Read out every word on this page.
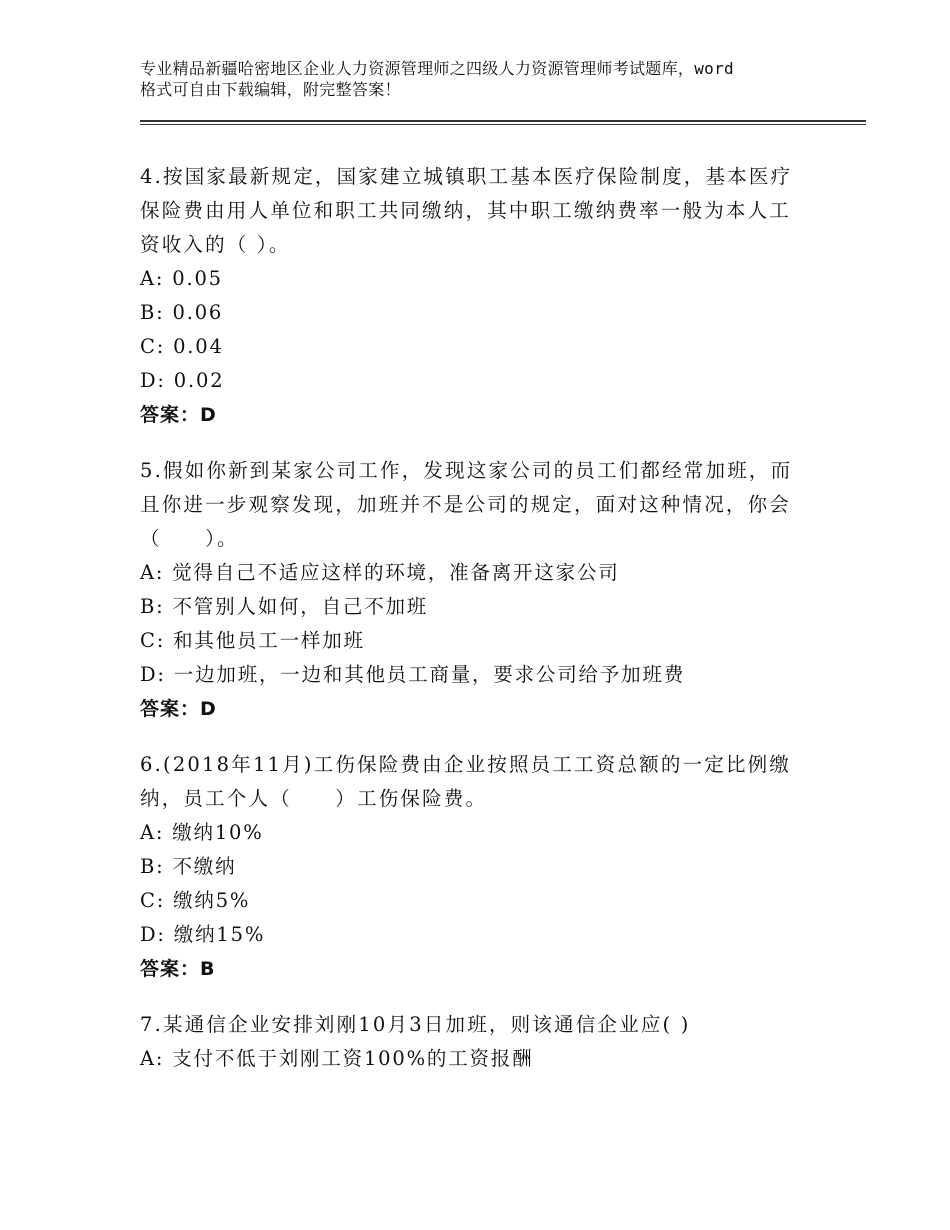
专业精品新疆哈密地区企业人力资源管理师之四级人力资源管理师考试题库，word
格式可自由下载编辑，附完整答案！

4.按国家最新规定，国家建立城镇职工基本医疗保险制度，基本医疗

保险费由用人单位和职工共同缴纳，其中职工缴纳费率一般为本人工

资收入的（ ）。

A: 0.05

B: 0.06

C: 0.04

D: 0.02

答案：D

5.假如你新到某家公司工作，发现这家公司的员工们都经常加班，而

且你进一步观察发现，加班并不是公司的规定，面对这种情况，你会

（　　）。

A: 觉得自己不适应这样的环境，准备离开这家公司

B: 不管别人如何，自己不加班

C: 和其他员工一样加班

D: 一边加班，一边和其他员工商量，要求公司给予加班费

答案：D

6.(2018年11月)工伤保险费由企业按照员工工资总额的一定比例缴

纳，员工个人（　　）工伤保险费。

A: 缴纳10%

B: 不缴纳

C: 缴纳5%

D: 缴纳15%

答案：B

7.某通信企业安排刘刚10月3日加班，则该通信企业应( )

A: 支付不低于刘刚工资100%的工资报酬
